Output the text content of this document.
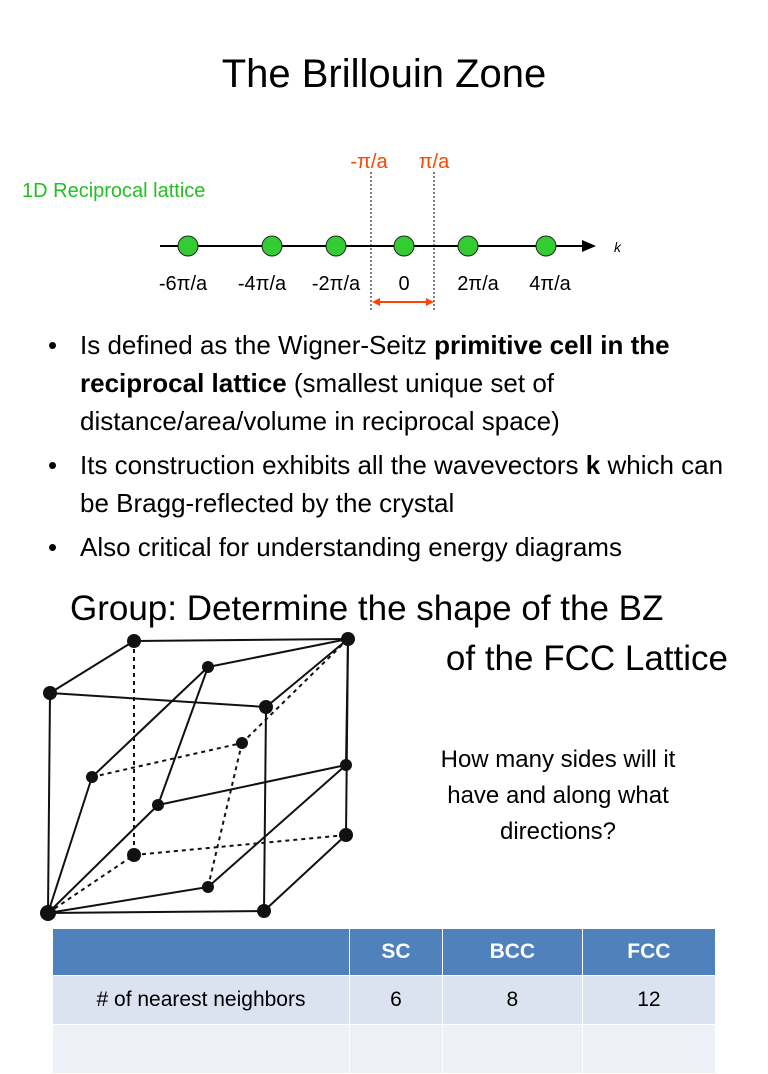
The Brillouin Zone
1D Reciprocal lattice
-π/a π/a
k
-6π/a -4π/a -2π/a 0 2π/a 4π/a
• Is defined as the Wigner-Seitz primitive cell in the reciprocal lattice (smallest unique set of distance/area/volume in reciprocal space)
• Its construction exhibits all the wavevectors k which can be Bragg-reflected by the crystal
• Also critical for understanding energy diagrams
Group: Determine the shape of the BZ
of the FCC Lattice
How many sides will it have and along what directions?
	SC	BCC	FCC
# of nearest neighbors	6	8	12
